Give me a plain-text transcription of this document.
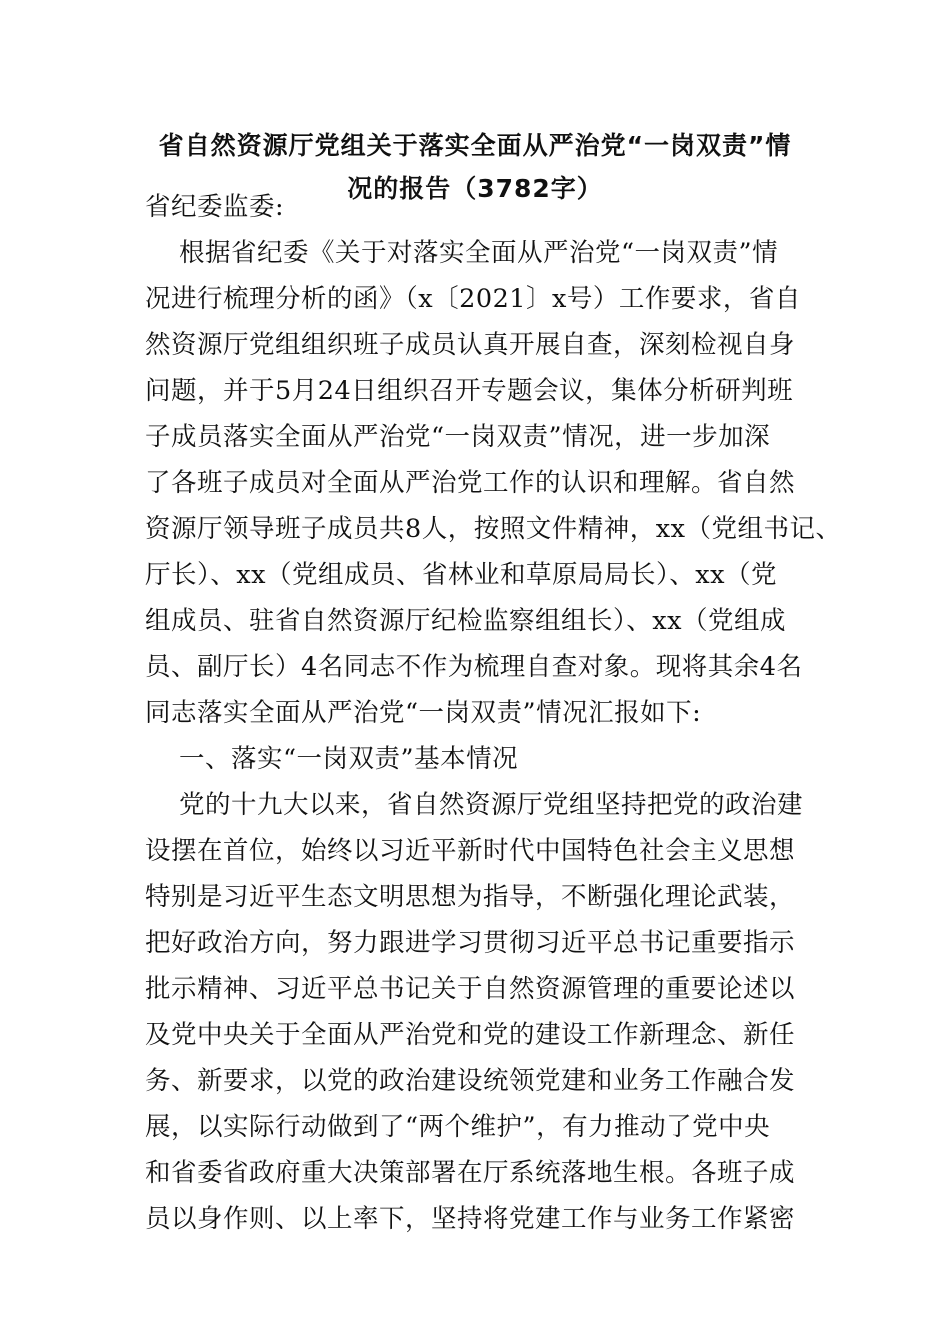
省自然资源厅党组关于落实全面从严治党“一岗双责”情
况的报告（3782字）
省纪委监委:
根据省纪委《关于对落实全面从严治党“一岗双责”情
况进行梳理分析的函》（x〔2021〕x号）工作要求，省自
然资源厅党组组织班子成员认真开展自查，深刻检视自身
问题，并于5月24日组织召开专题会议，集体分析研判班
子成员落实全面从严治党“一岗双责”情况，进一步加深
了各班子成员对全面从严治党工作的认识和理解。省自然
资源厅领导班子成员共8人，按照文件精神，xx（党组书记、
厅长）、xx（党组成员、省林业和草原局局长）、xx（党
组成员、驻省自然资源厅纪检监察组组长）、xx（党组成
员、副厅长）4名同志不作为梳理自查对象。现将其余4名
同志落实全面从严治党“一岗双责”情况汇报如下:
一、落实“一岗双责”基本情况
党的十九大以来，省自然资源厅党组坚持把党的政治建
设摆在首位，始终以习近平新时代中国特色社会主义思想
特别是习近平生态文明思想为指导，不断强化理论武装，
把好政治方向，努力跟进学习贯彻习近平总书记重要指示
批示精神、习近平总书记关于自然资源管理的重要论述以
及党中央关于全面从严治党和党的建设工作新理念、新任
务、新要求，以党的政治建设统领党建和业务工作融合发
展，以实际行动做到了“两个维护”，有力推动了党中央
和省委省政府重大决策部署在厅系统落地生根。各班子成
员以身作则、以上率下，坚持将党建工作与业务工作紧密
